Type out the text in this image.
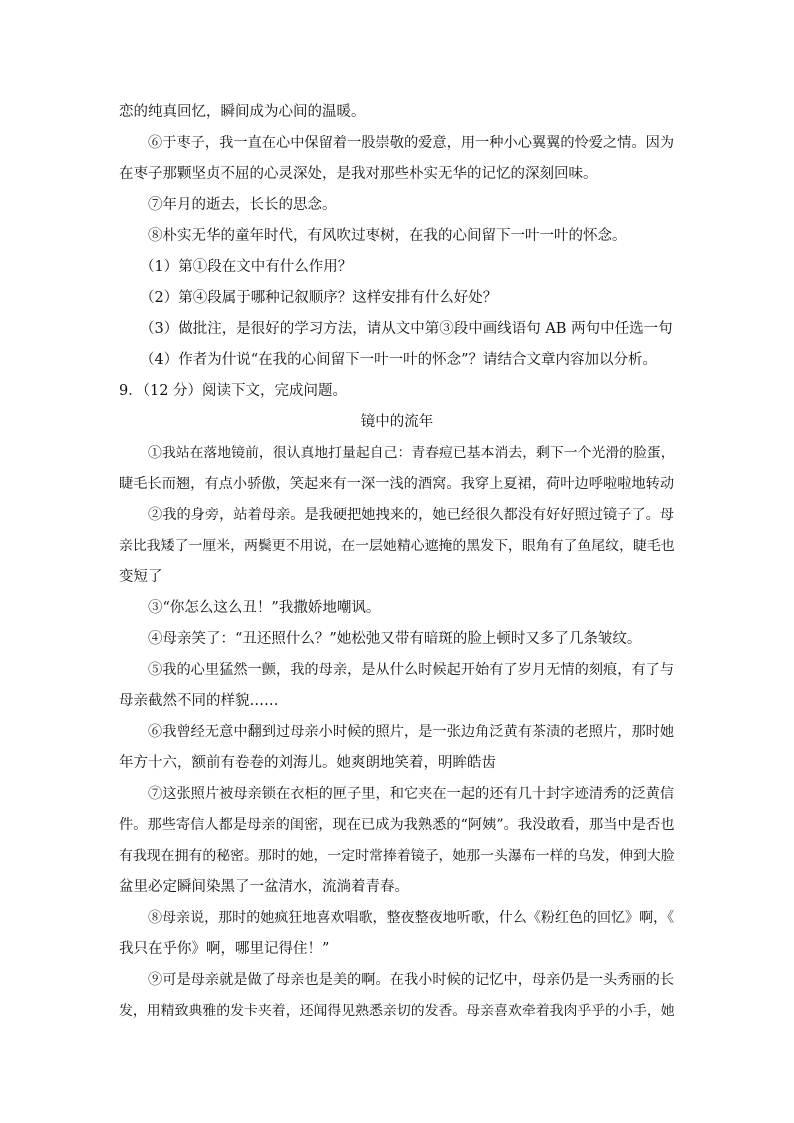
恋的纯真回忆，瞬间成为心间的温暖。
⑥于枣子，我一直在心中保留着一股崇敬的爱意，用一种小心翼翼的怜爱之情。因为
在枣子那颗坚贞不屈的心灵深处，是我对那些朴实无华的记忆的深刻回味。
⑦年月的逝去，长长的思念。
⑧朴实无华的童年时代，有风吹过枣树，在我的心间留下一叶一叶的怀念。
（1）第①段在文中有什么作用？
（2）第④段属于哪种记叙顺序？这样安排有什么好处？
（3）做批注，是很好的学习方法，请从文中第③段中画线语句 AB 两句中任选一句
（4）作者为什说“在我的心间留下一叶一叶的怀念”？请结合文章内容加以分析。
9．（12 分）阅读下文，完成问题。
镜中的流年
①我站在落地镜前，很认真地打量起自己：青春痘已基本消去，剩下一个光滑的脸蛋，
睫毛长而翘，有点小骄傲，笑起来有一深一浅的酒窝。我穿上夏裙，荷叶边呼啦啦地转动
②我的身旁，站着母亲。是我硬把她拽来的，她已经很久都没有好好照过镜子了。母
亲比我矮了一厘米，两鬓更不用说，在一层她精心遮掩的黑发下，眼角有了鱼尾纹，睫毛也
变短了
③“你怎么这么丑！”我撒娇地嘲讽。
④母亲笑了：“丑还照什么？”她松弛又带有暗斑的脸上顿时又多了几条皱纹。
⑤我的心里猛然一颤，我的母亲，是从什么时候起开始有了岁月无情的刻痕，有了与
母亲截然不同的样貌……
⑥我曾经无意中翻到过母亲小时候的照片，是一张边角泛黄有茶渍的老照片，那时她
年方十六，额前有卷卷的刘海儿。她爽朗地笑着，明眸皓齿
⑦这张照片被母亲锁在衣柜的匣子里，和它夹在一起的还有几十封字迹清秀的泛黄信
件。那些寄信人都是母亲的闺密，现在已成为我熟悉的“阿姨”。我没敢看，那当中是否也
有我现在拥有的秘密。那时的她，一定时常捧着镜子，她那一头瀑布一样的乌发，伸到大脸
盆里必定瞬间染黑了一盆清水，流淌着青春。
⑧母亲说，那时的她疯狂地喜欢唱歌，整夜整夜地听歌，什么《粉红色的回忆》啊，《
我只在乎你》啊，哪里记得住！”
⑨可是母亲就是做了母亲也是美的啊。在我小时候的记忆中，母亲仍是一头秀丽的长
发，用精致典雅的发卡夹着，还闻得见熟悉亲切的发香。母亲喜欢牵着我肉乎乎的小手，她
